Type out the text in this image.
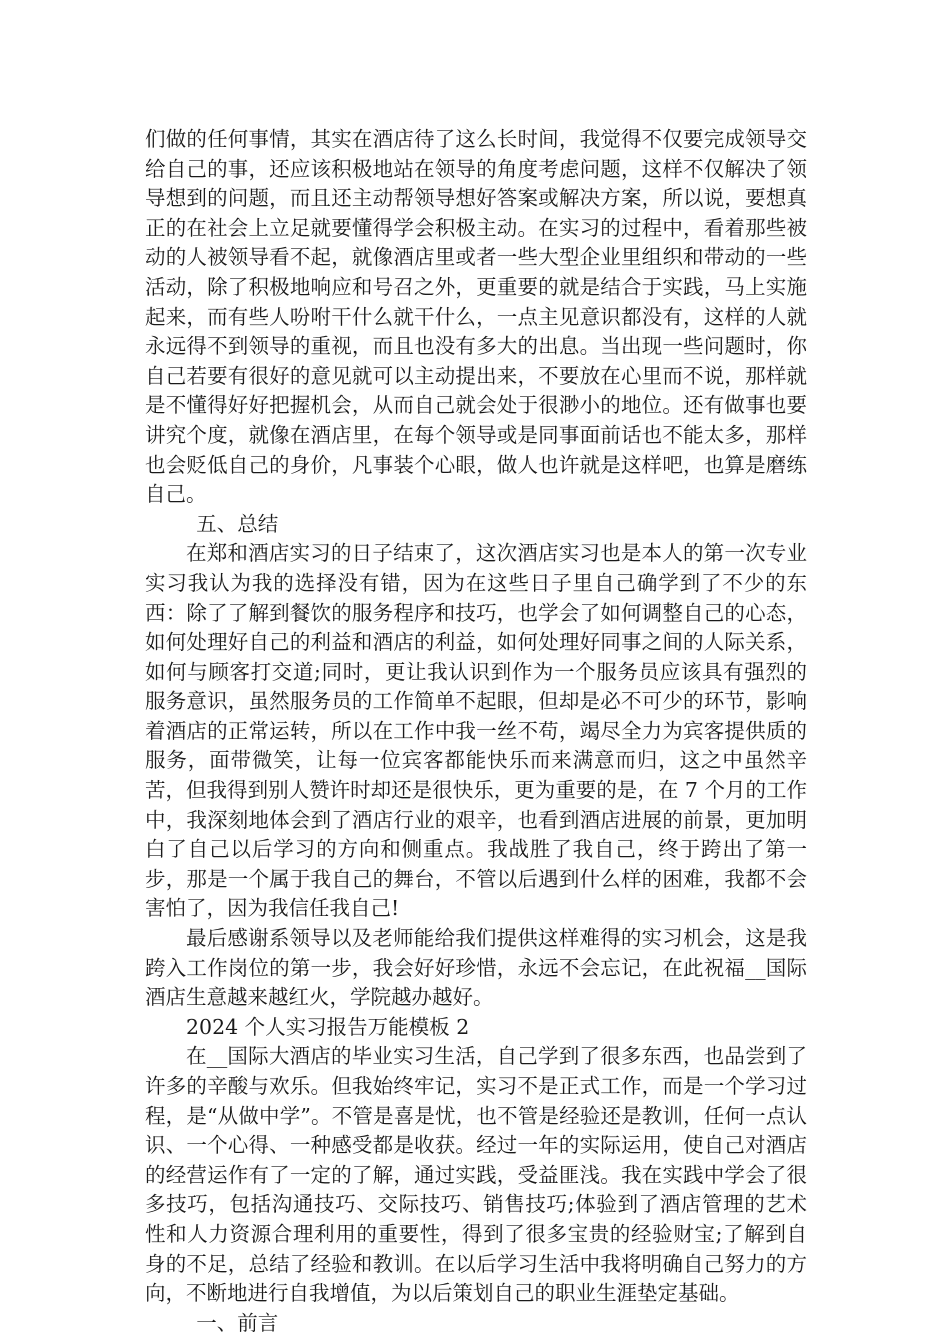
们做的任何事情，其实在酒店待了这么长时间，我觉得不仅要完成领导交给自己的事，还应该积极地站在领导的角度考虑问题，这样不仅解决了领导想到的问题，而且还主动帮领导想好答案或解决方案，所以说，要想真正的在社会上立足就要懂得学会积极主动。在实习的过程中，看着那些被动的人被领导看不起，就像酒店里或者一些大型企业里组织和带动的一些活动，除了积极地响应和号召之外，更重要的就是结合于实践，马上实施起来，而有些人吩咐干什么就干什么，一点主见意识都没有，这样的人就永远得不到领导的重视，而且也没有多大的出息。当出现一些问题时，你自己若要有很好的意见就可以主动提出来，不要放在心里而不说，那样就是不懂得好好把握机会，从而自己就会处于很渺小的地位。还有做事也要讲究个度，就像在酒店里，在每个领导或是同事面前话也不能太多，那样也会贬低自己的身价，凡事装个心眼，做人也许就是这样吧，也算是磨练自己。

五、总结

在郑和酒店实习的日子结束了，这次酒店实习也是本人的第一次专业实习我认为我的选择没有错，因为在这些日子里自己确学到了不少的东西：除了了解到餐饮的服务程序和技巧，也学会了如何调整自己的心态，如何处理好自己的利益和酒店的利益，如何处理好同事之间的人际关系，如何与顾客打交道;同时，更让我认识到作为一个服务员应该具有强烈的服务意识，虽然服务员的工作简单不起眼，但却是必不可少的环节，影响着酒店的正常运转，所以在工作中我一丝不苟，竭尽全力为宾客提供质的服务，面带微笑，让每一位宾客都能快乐而来满意而归，这之中虽然辛苦，但我得到别人赞许时却还是很快乐，更为重要的是，在 7 个月的工作中，我深刻地体会到了酒店行业的艰辛，也看到酒店进展的前景，更加明白了自己以后学习的方向和侧重点。我战胜了我自己，终于跨出了第一步，那是一个属于我自己的舞台，不管以后遇到什么样的困难，我都不会害怕了，因为我信任我自己!

最后感谢系领导以及老师能给我们提供这样难得的实习机会，这是我跨入工作岗位的第一步，我会好好珍惜，永远不会忘记，在此祝福__国际酒店生意越来越红火，学院越办越好。

2024 个人实习报告万能模板 2

在__国际大酒店的毕业实习生活，自己学到了很多东西，也品尝到了许多的辛酸与欢乐。但我始终牢记，实习不是正式工作，而是一个学习过程，是“从做中学”。不管是喜是忧，也不管是经验还是教训，任何一点认识、一个心得、一种感受都是收获。经过一年的实际运用，使自己对酒店的经营运作有了一定的了解，通过实践，受益匪浅。我在实践中学会了很多技巧，包括沟通技巧、交际技巧、销售技巧;体验到了酒店管理的艺术性和人力资源合理利用的重要性，得到了很多宝贵的经验财宝;了解到自身的不足，总结了经验和教训。在以后学习生活中我将明确自己努力的方向，不断地进行自我增值，为以后策划自己的职业生涯垫定基础。

一、前言
